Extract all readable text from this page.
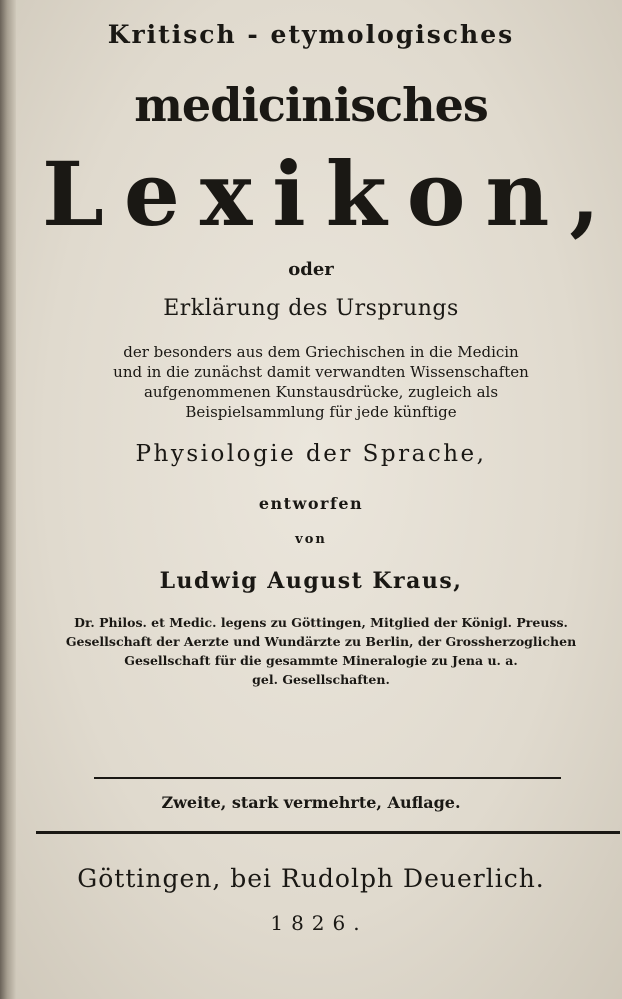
Kritisch - etymologisches

medicinisches

Lexikon,

oder

Erklärung des Ursprungs

der besonders aus dem Griechischen in die Medicin
und in die zunächst damit verwandten Wissenschaften
aufgenommenen Kunstausdrücke, zugleich als
Beispielsammlung für jede künftige

Physiologie der Sprache,

entworfen

von

Ludwig August Kraus,

Dr. Philos. et Medic. legens zu Göttingen, Mitglied der Königl. Preuss.
Gesellschaft der Aerzte und Wundärzte zu Berlin, der Grossherzoglichen
Gesellschaft für die gesammte Mineralogie zu Jena u. a.
gel. Gesellschaften.

Zweite, stark vermehrte, Auflage.

Göttingen, bei Rudolph Deuerlich.

1826.
